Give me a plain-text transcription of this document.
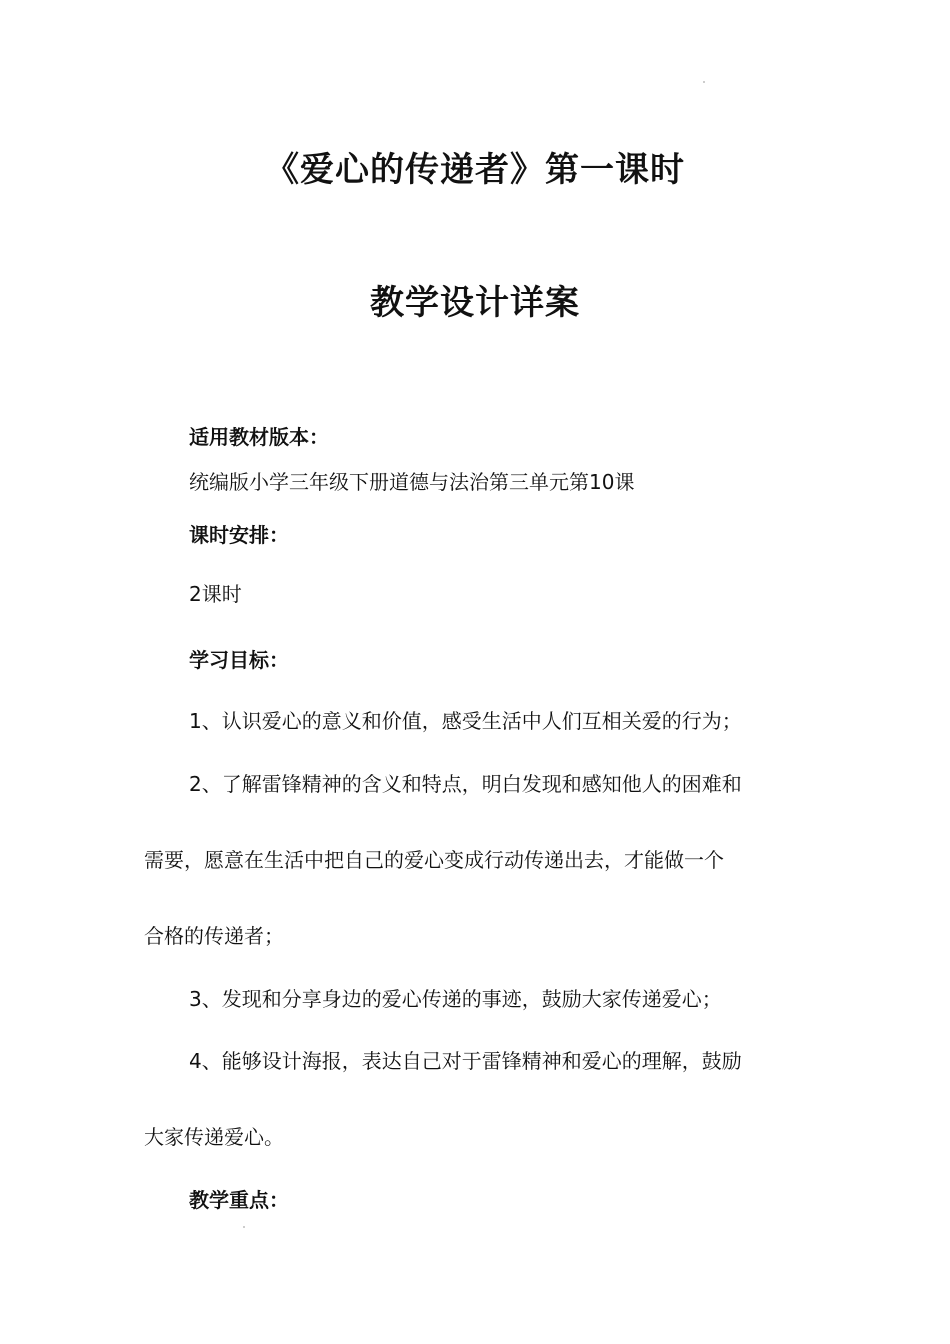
《爱心的传递者》第一课时
教学设计详案
适用教材版本：
统编版小学三年级下册道德与法治第三单元第10课
课时安排：
2课时
学习目标：
1、认识爱心的意义和价值，感受生活中人们互相关爱的行为；
2、了解雷锋精神的含义和特点，明白发现和感知他人的困难和
需要，愿意在生活中把自己的爱心变成行动传递出去，才能做一个
合格的传递者；
3、发现和分享身边的爱心传递的事迹，鼓励大家传递爱心；
4、能够设计海报，表达自己对于雷锋精神和爱心的理解，鼓励
大家传递爱心。
教学重点：
